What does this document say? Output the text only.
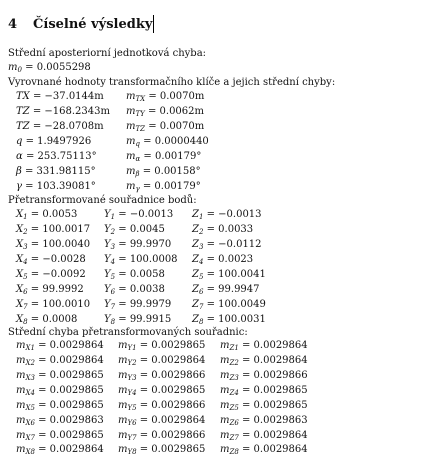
4 Číselné výsledky
Střední aposteriorní jednotková chyba:
$m_0 = 0.0055298$
Vyrovnané hodnoty transformačního klíče a jejich střední chyby:
TX = −37.0144m $m_{TX} = 0.0070m$
TZ = −168.2343m $m_{TY} = 0.0062m$
TZ = −28.0708m $m_{TZ} = 0.0070m$
q = 1.9497926	$m_q = 0.0000440$
α = 253.75113°	$m_\alpha = 0.00179^\circ$
β = 331.98115°	$m_\beta = 0.00158^\circ$
γ = 103.39081°	$m_\gamma = 0.00179^\circ$
Přetransformované souřadnice bodů:
$X_1 = 0.0053$	$Y_1 = -0.0013$ $Z_1 = -0.0013$
$X_2 = 100.0017$ $Y_2 = 0.0045$	$Z_2 = 0.0033$
$X_3 = 100.0040$ $Y_3 = 99.9970$ $Z_3 = -0.0112$
$X_4 = -0.0028$ $Y_4 = 100.0008$ $Z_4 = 0.0023$
$X_5 = -0.0092$ $Y_5 = 0.0058$	$Z_5 = 100.0041$
$X_6 = 99.9992$ $Y_6 = 0.0038$	$Z_6 = 99.9947$
$X_7 = 100.0010$ $Y_7 = 99.9979$ $Z_7 = 100.0049$
$X_8 = 0.0008$	$Y_8 = 99.9915$ $Z_8 = 100.0031$
Střední chyba přetransformovaných souřadnic:
$m_{X1} = 0.0029864$ $m_{Y1} = 0.0029865$ $m_{Z1} = 0.0029864$
$m_{X2} = 0.0029864$ $m_{Y2} = 0.0029864$ $m_{Z2} = 0.0029864$
$m_{X3} = 0.0029865$ $m_{Y3} = 0.0029866$ $m_{Z3} = 0.0029866$
$m_{X4} = 0.0029865$ $m_{Y4} = 0.0029865$ $m_{Z4} = 0.0029865$
$m_{X5} = 0.0029865$ $m_{Y5} = 0.0029866$ $m_{Z5} = 0.0029865$
$m_{X6} = 0.0029863$ $m_{Y6} = 0.0029864$ $m_{Z6} = 0.0029863$
$m_{X7} = 0.0029865$ $m_{Y7} = 0.0029866$ $m_{Z7} = 0.0029864$
$m_{X8} = 0.0029864$ $m_{Y8} = 0.0029865$ $m_{Z8} = 0.0029864$
